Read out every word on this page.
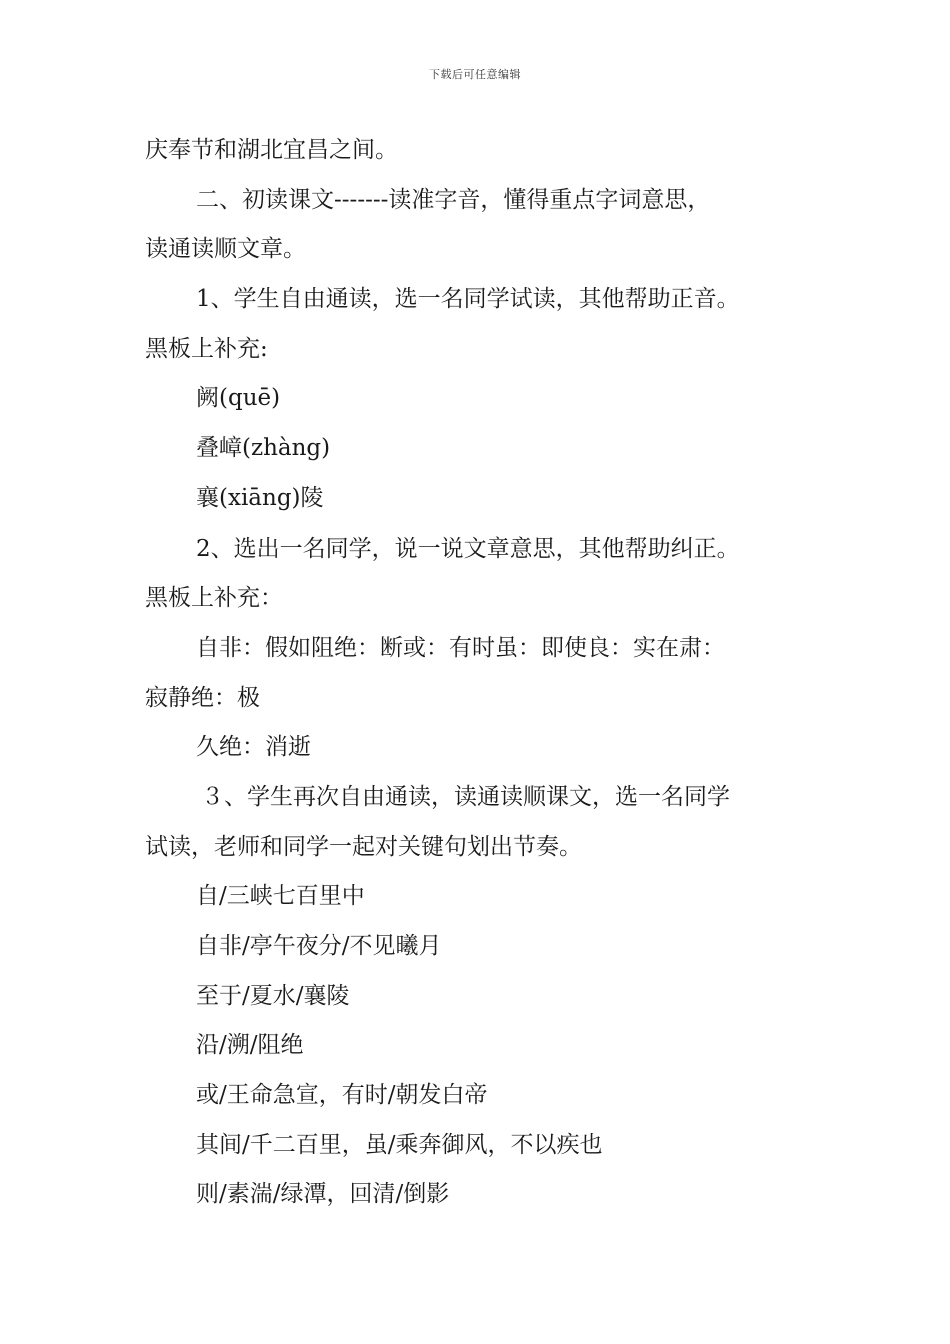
下载后可任意编辑
庆奉节和湖北宜昌之间。
二、初读课文-------读准字音，懂得重点字词意思，
读通读顺文章。
1、学生自由通读，选一名同学试读，其他帮助正音。
黑板上补充:
阙(quē)
叠嶂(zhàng)
襄(xiāng)陵
2、选出一名同学，说一说文章意思，其他帮助纠正。
黑板上补充：
自非：假如阻绝：断或：有时虽：即使良：实在肃：
寂静绝：极
久绝：消逝
３、学生再次自由通读，读通读顺课文，选一名同学
试读，老师和同学一起对关键句划出节奏。
自/三峡七百里中
自非/亭午夜分/不见曦月
至于/夏水/襄陵
沿/溯/阻绝
或/王命急宣，有时/朝发白帝
其间/千二百里，虽/乘奔御风，不以疾也
则/素湍/绿潭，回清/倒影
